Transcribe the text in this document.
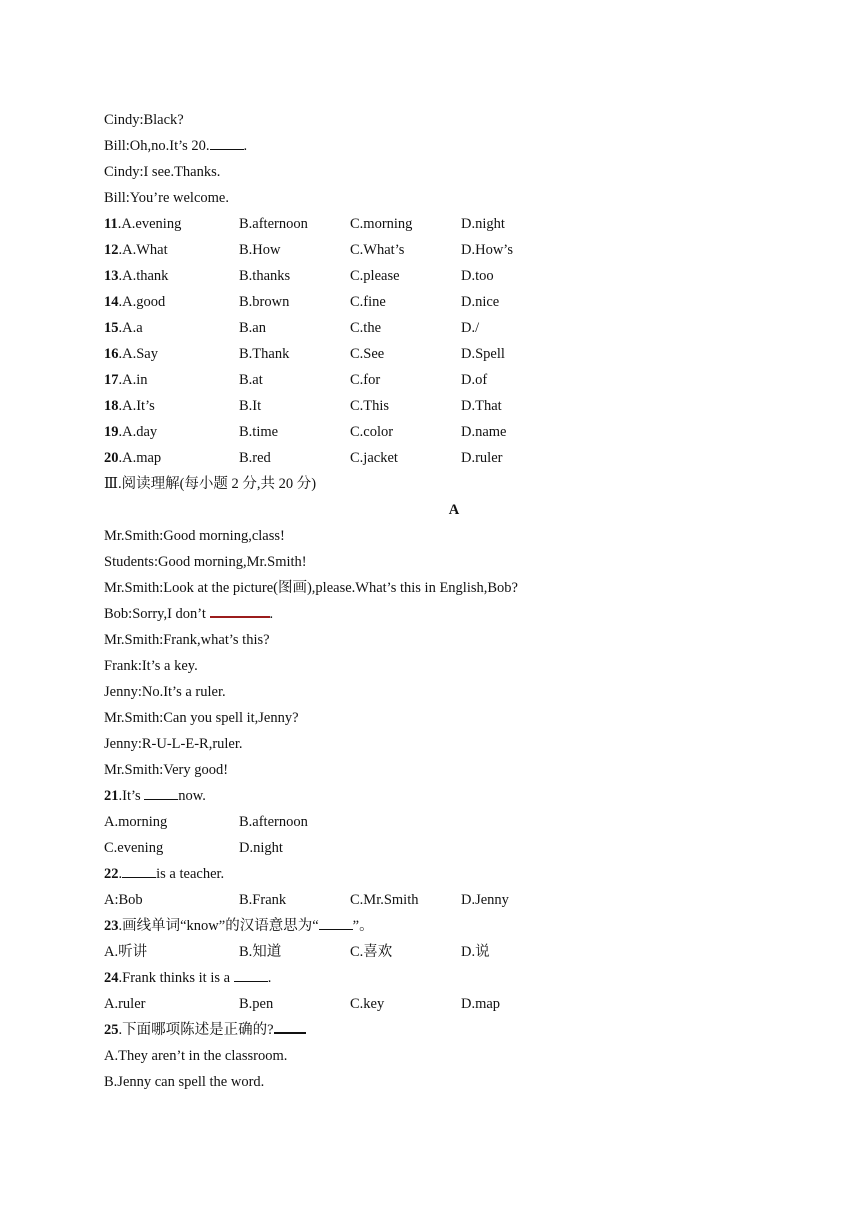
Cindy:Black?
Bill:Oh,no.It’s 20. .
Cindy:I see.Thanks.
Bill:You’re welcome.
11.A.evening	B.afternoon	C.morning	D.night
12.A.What	B.How	C.What’s	D.How’s
13.A.thank	B.thanks	C.please	D.too
14.A.good	B.brown	C.fine	D.nice
15.A.a	B.an	C.the	D./
16.A.Say	B.Thank	C.See	D.Spell
17.A.in	B.at	C.for	D.of
18.A.It’s	B.It	C.This	D.That
19.A.day	B.time	C.color	D.name
20.A.map	B.red	C.jacket	D.ruler
Ⅲ.阅读理解(每小题 2 分,共 20 分)
A
Mr.Smith:Good morning,class!
Students:Good morning,Mr.Smith!
Mr.Smith:Look at the picture(图画),please.What’s this in English,Bob?
Bob:Sorry,I don’t	.
Mr.Smith:Frank,what’s this?
Frank:It’s a key.
Jenny:No.It’s a ruler.
Mr.Smith:Can you spell it,Jenny?
Jenny:R-U-L-E-R,ruler.
Mr.Smith:Very good!
21.It’s now.
A.morning	B.afternoon
C.evening	D.night
22. is a teacher.
A:Bob	B.Frank	C.Mr.Smith	D.Jenny
23.画线单词“know”的汉语意思为“ ”。
A.听讲	B.知道	C.喜欢	D.说
24.Frank thinks it is a .
A.ruler	B.pen	C.key	D.map
25.下面哪项陈述是正确的?
A.They aren’t in the classroom.
B.Jenny can spell the word.
